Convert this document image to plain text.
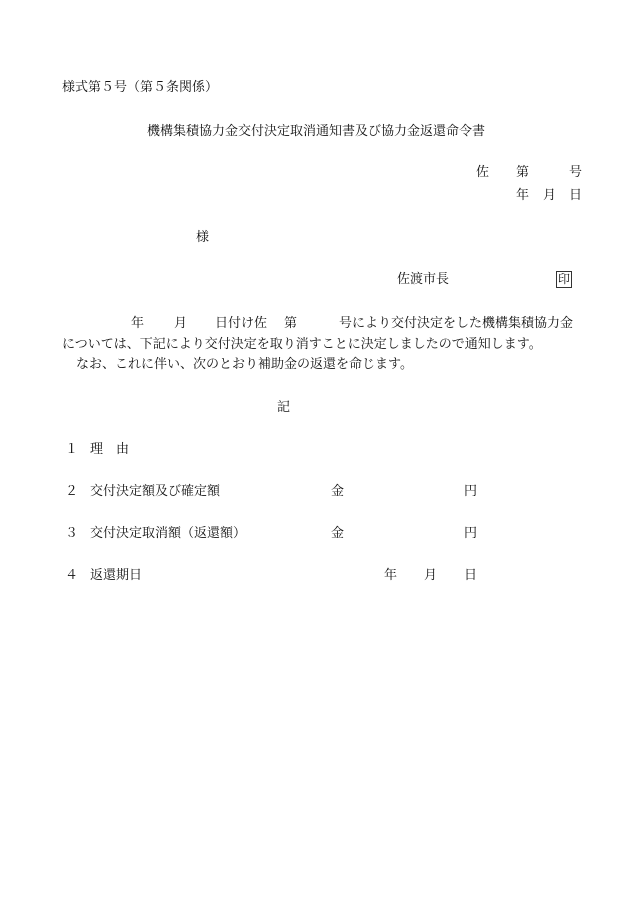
様式第５号（第５条関係）
機構集積協力金交付決定取消通知書及び協力金返還命令書
佐 第	号
年 月 日
様
佐渡市長	印
年 月 日付け佐 第	号により交付決定をした機構集積協力金
については、下記により交付決定を取り消すことに決定しましたので通知します。
なお、これに伴い、次のとおり補助金の返還を命じます。
記
１ 理　由
２ 交付決定額及び確定額	金	円
３ 交付決定取消額（返還額）	金	円
４ 返還期日	年 月 日
